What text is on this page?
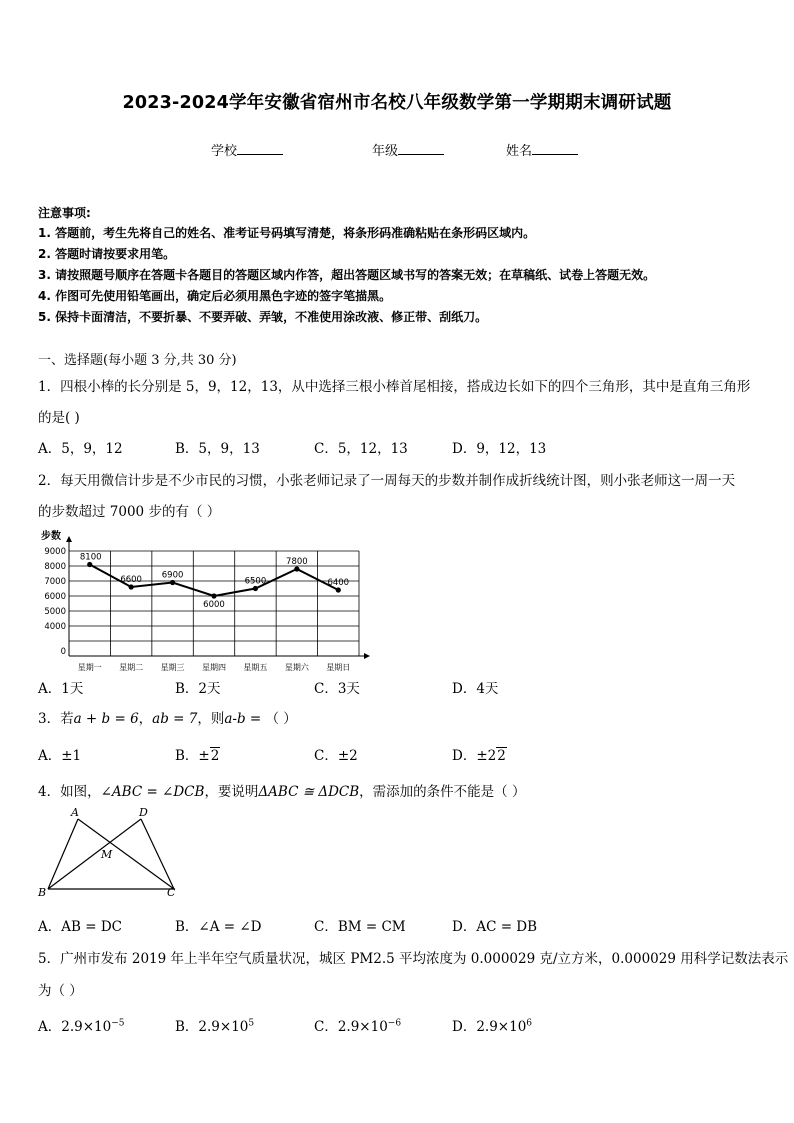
2023-2024学年安徽省宿州市名校八年级数学第一学期期末调研试题
学校	年级	姓名
注意事项:
1. 答题前，考生先将自己的姓名、准考证号码填写清楚，将条形码准确粘贴在条形码区域内。
2. 答题时请按要求用笔。
3. 请按照题号顺序在答题卡各题目的答题区域内作答，超出答题区域书写的答案无效；在草稿纸、试卷上答题无效。
4. 作图可先使用铅笔画出，确定后必须用黑色字迹的签字笔描黑。
5. 保持卡面清洁，不要折暴、不要弄破、弄皱，不准使用涂改液、修正带、刮纸刀。
一、选择题(每小题 3 分,共 30 分)
1．四根小棒的长分别是 5，9，12，13，从中选择三根小棒首尾相接，搭成边长如下的四个三角形，其中是直角三角形
的是( )
A．5，9，12	B．5，9，13	C．5，12，13	D．9，12，13
2．每天用微信计步是不少市民的习惯，小张老师记录了一周每天的步数并制作成折线统计图，则小张老师这一周一天
的步数超过 7000 步的有（ ）
步数
9000
8000
7000
6000
5000
4000
0
星期一 星期二 星期三 星期四 星期五 星期六 星期日
8100
6600 6900
6000
6500
7800
6400
A．1天	B．2天	C．3天	D．4天
3．若a + b = 6，ab = 7，则a-b = （ ）
A．±1	B．±2	C．±2	D．±22
4．如图，∠ABC = ∠DCB，要说明ΔABC ≅ ΔDCB，需添加的条件不能是（ ）
A	D
M
B	C
A．AB = DC	B．∠A = ∠D	C．BM = CM	D．AC = DB
5．广州市发布 2019 年上半年空气质量状况，城区 PM2.5 平均浓度为 0.000029 克/立方米，0.000029 用科学记数法表示
为（ ）
A．$2.9\times 10^{-5}$	B．$2.9\times 10^5$	C．$2.9\times 10^{-6}$	D．$2.9\times 10^6$
